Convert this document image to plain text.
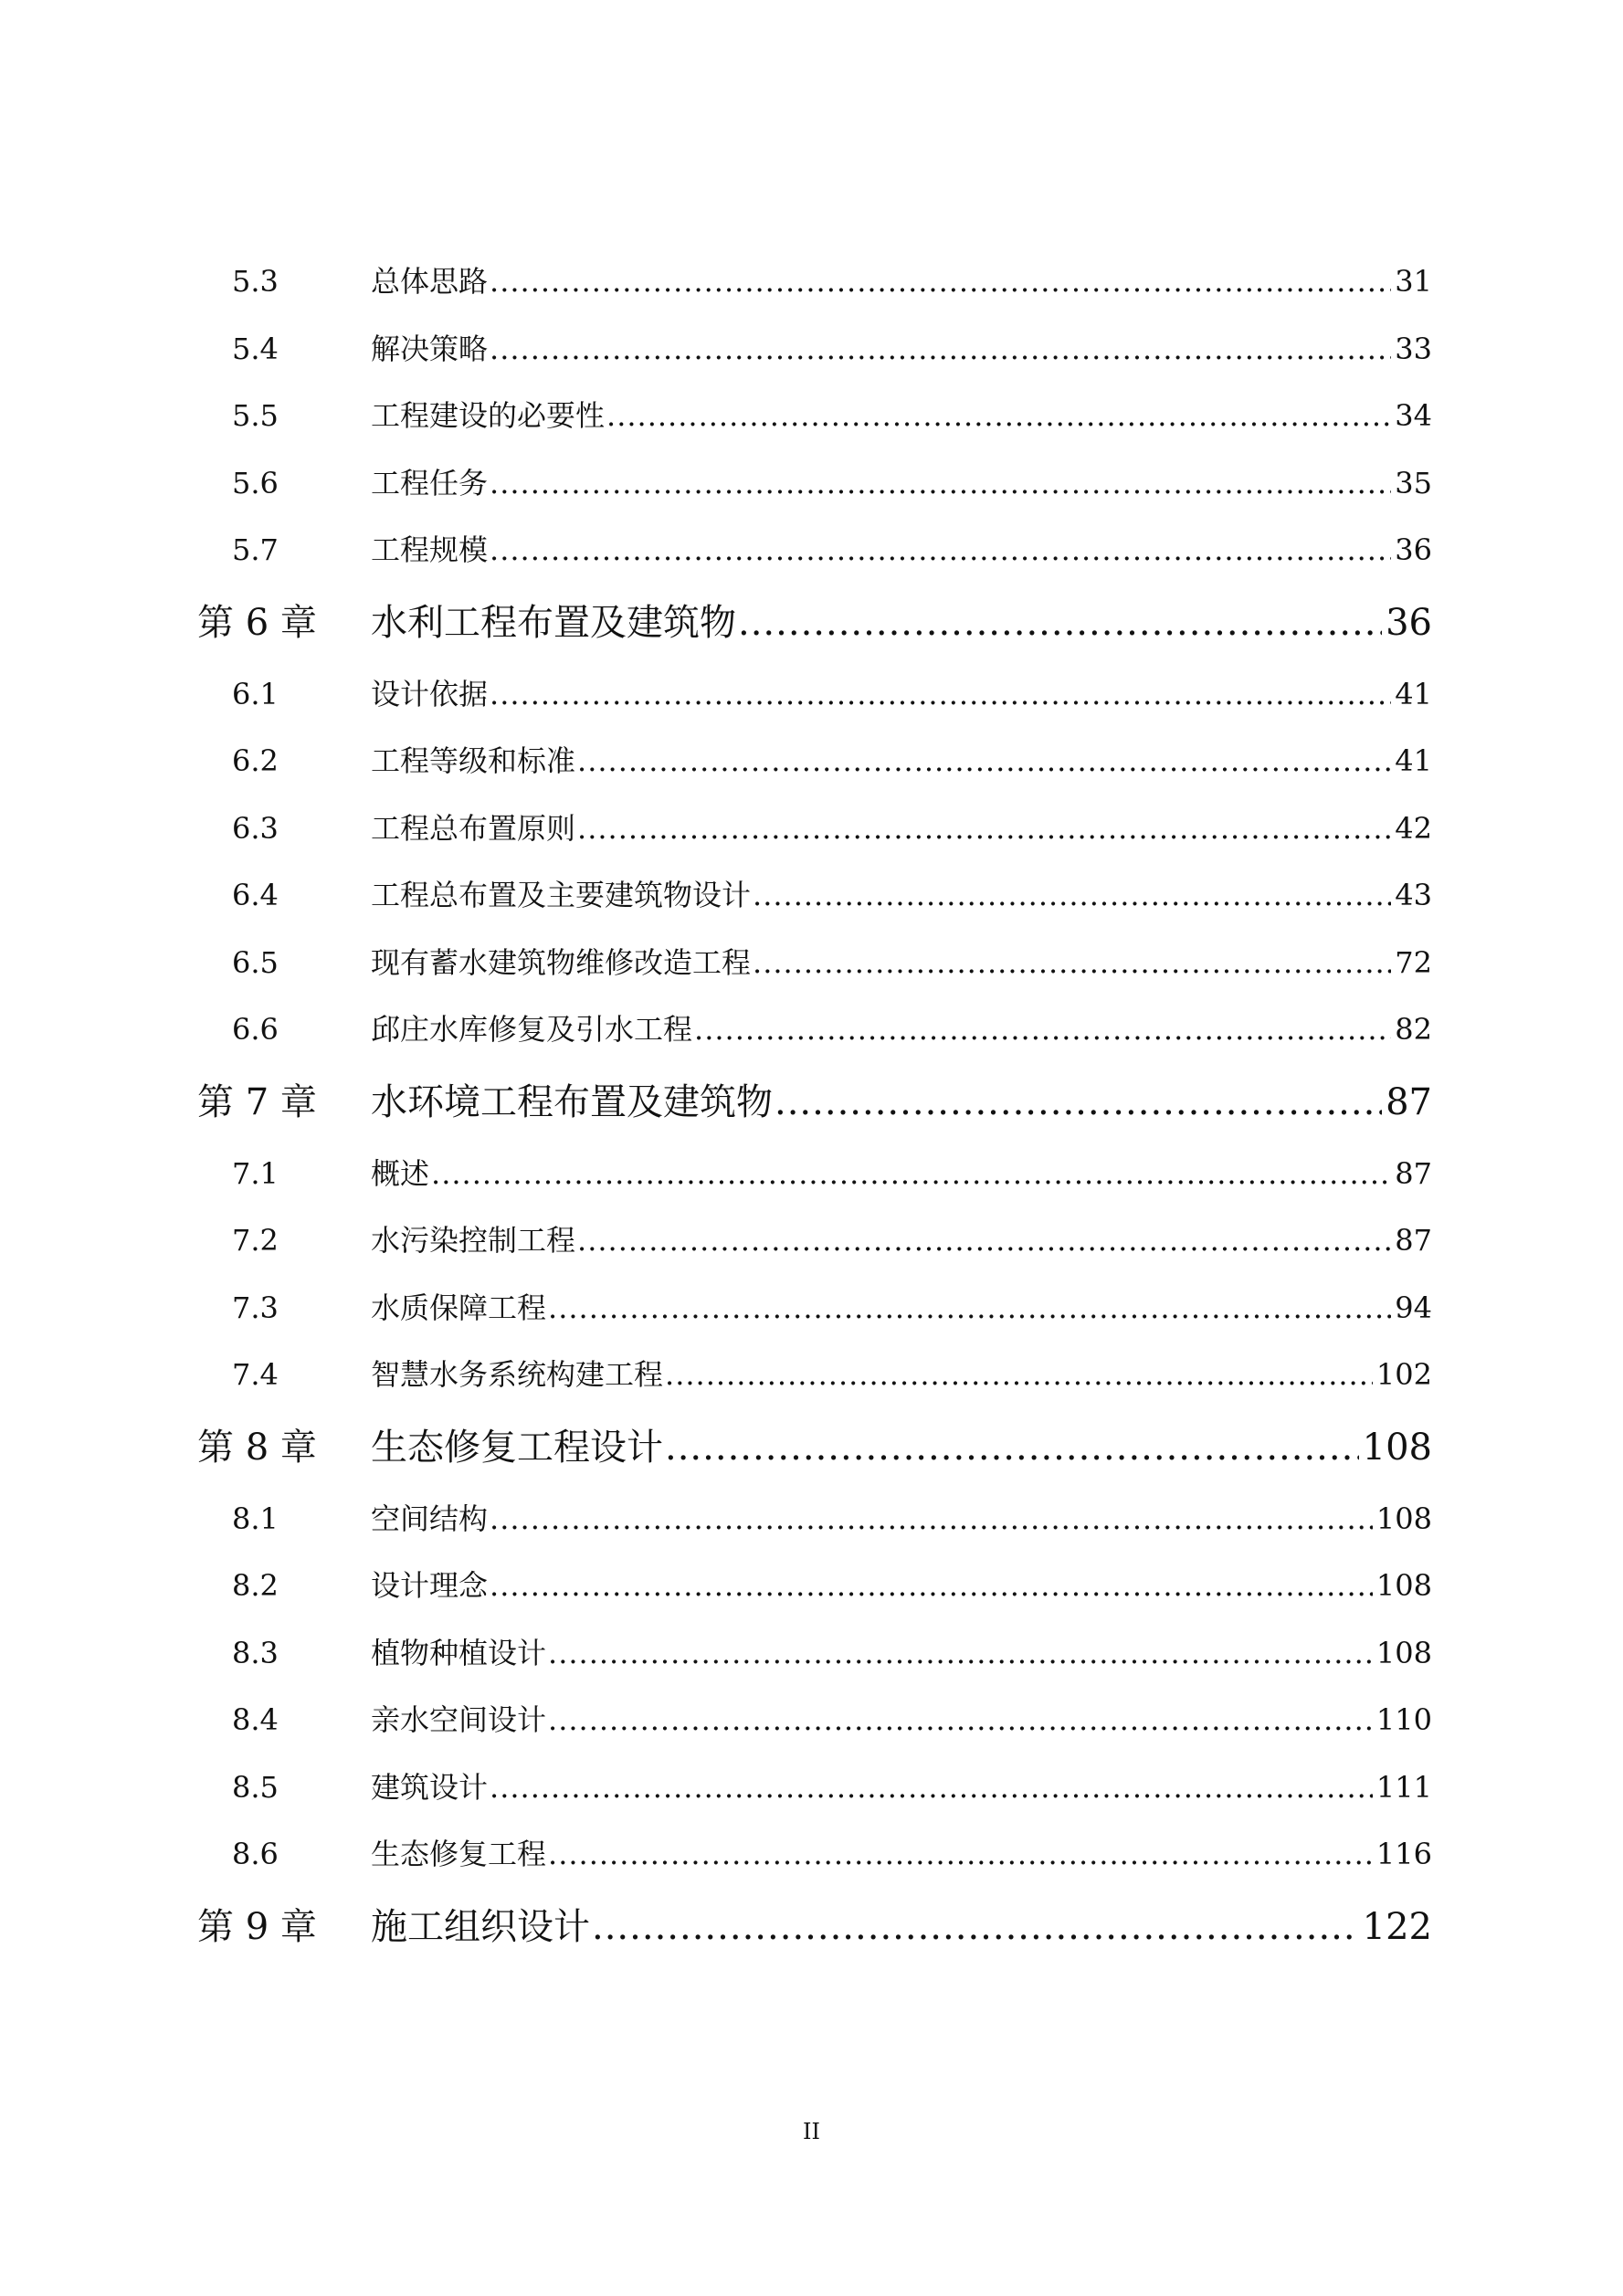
5.3	总体思路 .....	31
5.4	解决策略 .....	33
5.5	工程建设的必要性 .....	34
5.6	工程任务 .....	35
5.7	工程规模 .....	36
第 6 章	水利工程布置及建筑物 .....	36
6.1	设计依据 .....	41
6.2	工程等级和标准 .....	41
6.3	工程总布置原则 .....	42
6.4	工程总布置及主要建筑物设计 .....	43
6.5	现有蓄水建筑物维修改造工程 .....	72
6.6	邱庄水库修复及引水工程 .....	82
第 7 章	水环境工程布置及建筑物 .....	87
7.1	概述 .....	87
7.2	水污染控制工程 .....	87
7.3	水质保障工程 .....	94
7.4	智慧水务系统构建工程 .....	102
第 8 章	生态修复工程设计 .....	108
8.1	空间结构 .....	108
8.2	设计理念 .....	108
8.3	植物种植设计 .....	108
8.4	亲水空间设计 .....	110
8.5	建筑设计 .....	111
8.6	生态修复工程 .....	116
第 9 章	施工组织设计 .....	122
II
